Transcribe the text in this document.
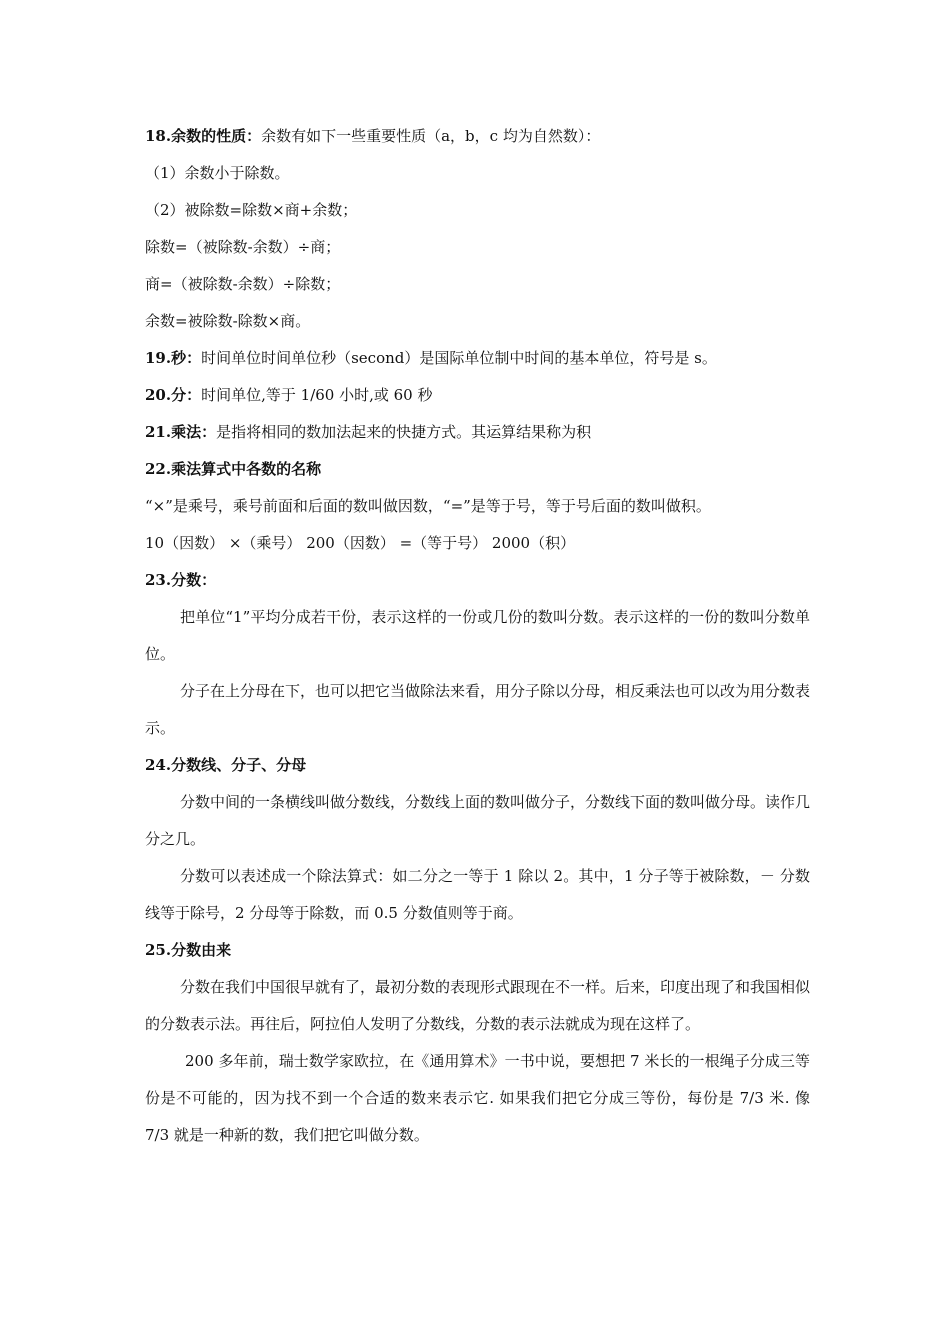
18.余数的性质：余数有如下一些重要性质（a，b，c 均为自然数）：
（1）余数小于除数。
（2）被除数=除数×商+余数；
除数=（被除数-余数）÷商；
商=（被除数-余数）÷除数；
余数=被除数-除数×商。
19.秒：时间单位时间单位秒（second）是国际单位制中时间的基本单位，符号是 s。
20.分：时间单位,等于 1/60 小时,或 60 秒
21.乘法：是指将相同的数加法起来的快捷方式。其运算结果称为积
22.乘法算式中各数的名称
“×”是乘号，乘号前面和后面的数叫做因数，“=”是等于号，等于号后面的数叫做积。
10（因数） ×（乘号） 200（因数） =（等于号） 2000（积）
23.分数：
把单位“1”平均分成若干份，表示这样的一份或几份的数叫分数。表示这样的一份的数叫分数单位。
分子在上分母在下，也可以把它当做除法来看，用分子除以分母，相反乘法也可以改为用分数表示。
24.分数线、分子、分母
分数中间的一条横线叫做分数线，分数线上面的数叫做分子，分数线下面的数叫做分母。读作几分之几。
分数可以表述成一个除法算式：如二分之一等于 1 除以 2。其中，1 分子等于被除数，－ 分数线等于除号，2 分母等于除数，而 0.5 分数值则等于商。
25.分数由来
分数在我们中国很早就有了，最初分数的表现形式跟现在不一样。后来，印度出现了和我国相似的分数表示法。再往后，阿拉伯人发明了分数线，分数的表示法就成为现在这样了。
200 多年前，瑞士数学家欧拉，在《通用算术》一书中说，要想把 7 米长的一根绳子分成三等份是不可能的，因为找不到一个合适的数来表示它. 如果我们把它分成三等份，每份是 7/3 米. 像 7/3 就是一种新的数，我们把它叫做分数。
